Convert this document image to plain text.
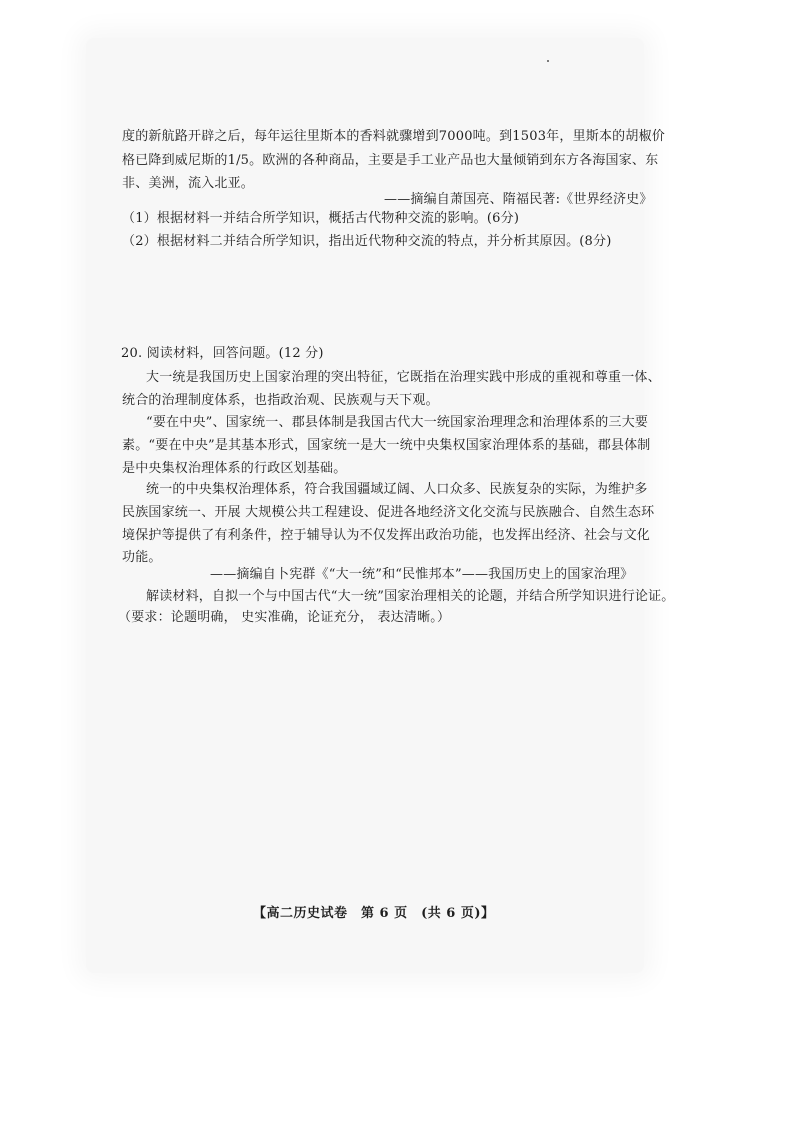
度的新航路开辟之后，每年运往里斯本的香料就骤增到7000吨。到1503年，里斯本的胡椒价
格已降到威尼斯的1/5。欧洲的各种商品，主要是手工业产品也大量倾销到东方各海国家、东
非、美洲，流入北亚。
——摘编自萧国亮、隋福民著:《世界经济史》
（1）根据材料一并结合所学知识，概括古代物种交流的影响。(6分)
（2）根据材料二并结合所学知识，指出近代物种交流的特点，并分析其原因。(8分)
20. 阅读材料，回答问题。(12 分)
大一统是我国历史上国家治理的突出特征，它既指在治理实践中形成的重视和尊重一体、
统合的治理制度体系，也指政治观、民族观与天下观。
“要在中央”、国家统一、郡县体制是我国古代大一统国家治理理念和治理体系的三大要
素。“要在中央”是其基本形式，国家统一是大一统中央集权国家治理体系的基础，郡县体制
是中央集权治理体系的行政区划基础。
统一的中央集权治理体系，符合我国疆域辽阔、人口众多、民族复杂的实际，为维护多
民族国家统一、开展 大规模公共工程建设、促进各地经济文化交流与民族融合、自然生态环
境保护等提供了有利条件，控于辅导认为不仅发挥出政治功能，也发挥出经济、社会与文化
功能。
——摘编自卜宪群《“大一统”和“民惟邦本”——我国历史上的国家治理》
解读材料，自拟一个与中国古代“大一统”国家治理相关的论题，并结合所学知识进行论证。
（要求：论题明确， 史实准确，论证充分， 表达清晰。）
【高二历史试卷　第 6 页　(共 6 页)】
